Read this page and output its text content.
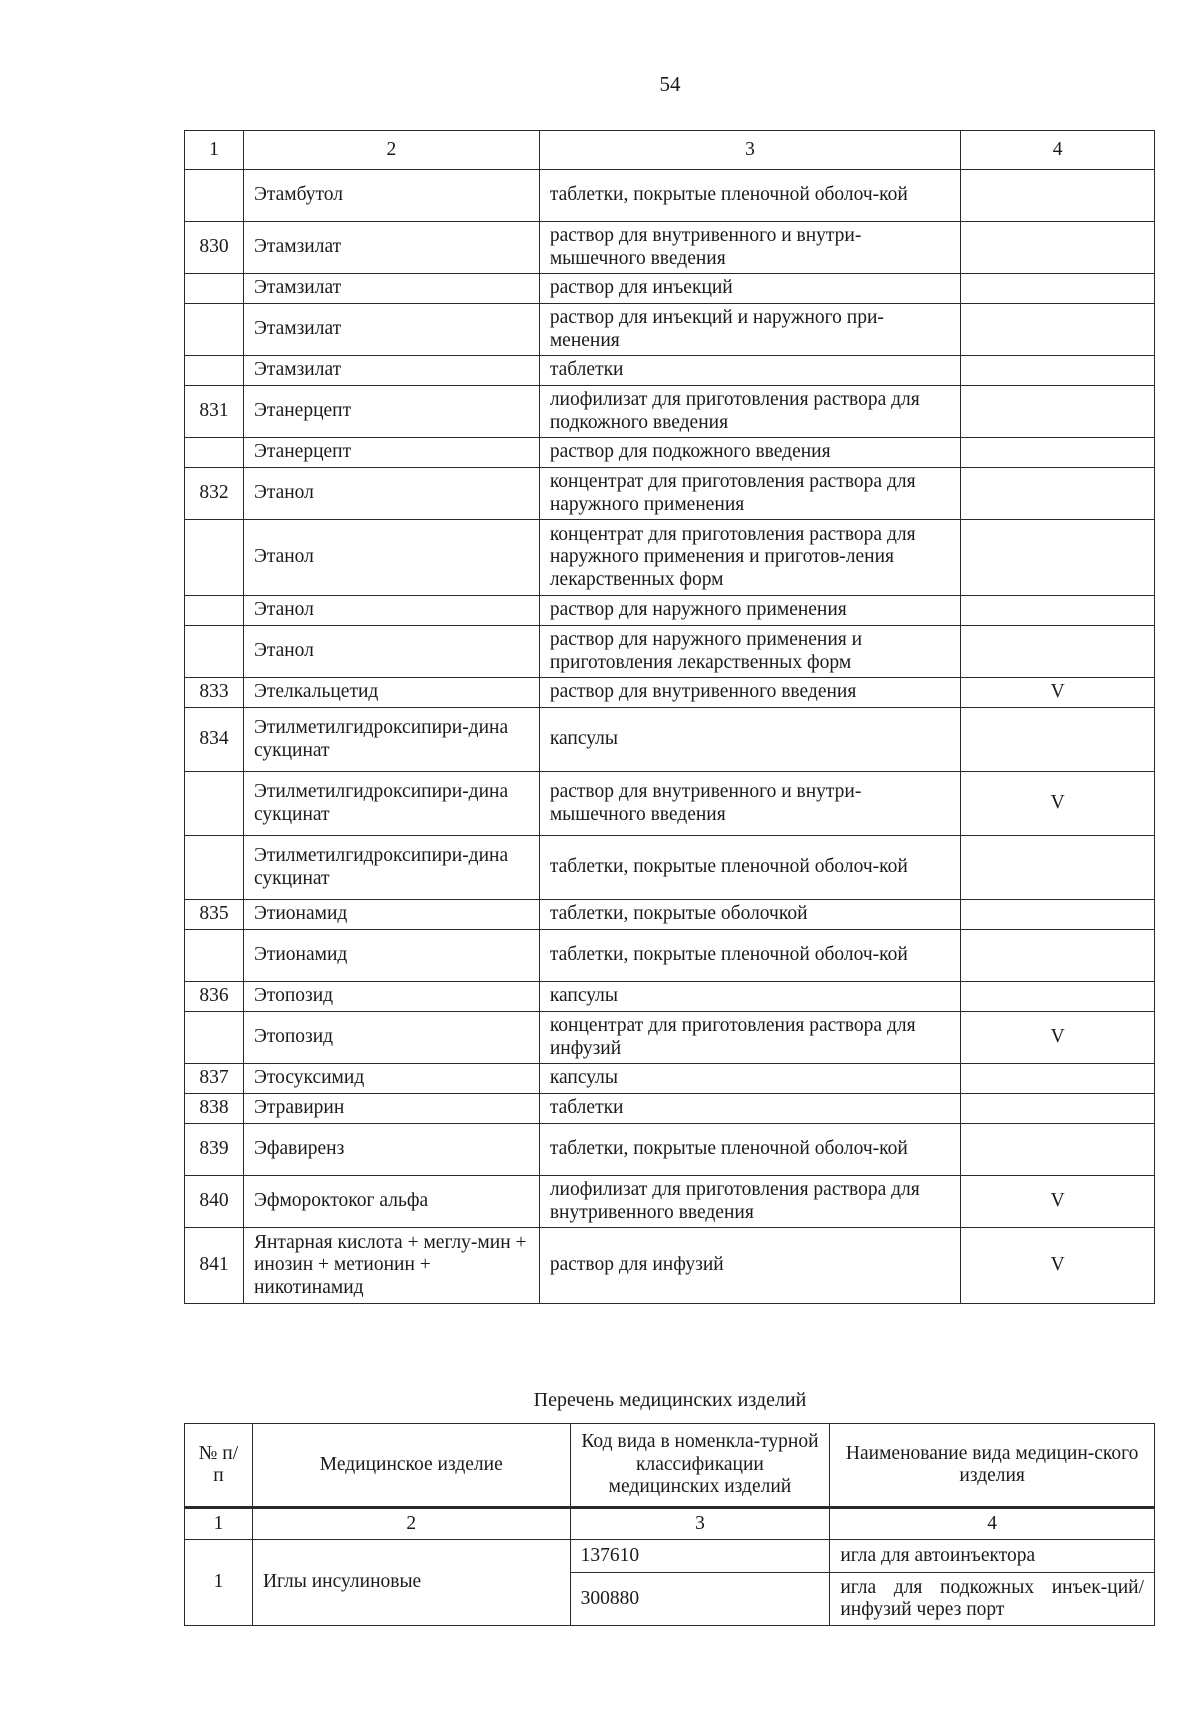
54
1	2	3	4
	Этамбутол	таблетки, покрытые пленочной оболоч-кой	
830	Этамзилат	раствор для внутривенного и внутри-мышечного введения	
	Этамзилат	раствор для инъекций	
	Этамзилат	раствор для инъекций и наружного при-менения	
	Этамзилат	таблетки	
831	Этанерцепт	лиофилизат для приготовления раствора для подкожного введения	
	Этанерцепт	раствор для подкожного введения	
832	Этанол	концентрат для приготовления раствора для наружного применения	
	Этанол	концентрат для приготовления раствора для наружного применения и приготов-ления лекарственных форм	
	Этанол	раствор для наружного применения	
	Этанол	раствор для наружного применения и приготовления лекарственных форм	
833	Этелкальцетид	раствор для внутривенного введения	V
834	Этилметилгидроксипири-дина сукцинат	капсулы	
	Этилметилгидроксипири-дина сукцинат	раствор для внутривенного и внутри-мышечного введения	V
	Этилметилгидроксипири-дина сукцинат	таблетки, покрытые пленочной оболоч-кой	
835	Этионамид	таблетки, покрытые оболочкой	
	Этионамид	таблетки, покрытые пленочной оболоч-кой	
836	Этопозид	капсулы	
	Этопозид	концентрат для приготовления раствора для инфузий	V
837	Этосуксимид	капсулы	
838	Этравирин	таблетки	
839	Эфавиренз	таблетки, покрытые пленочной оболоч-кой	
840	Эфмороктоког альфа	лиофилизат для приготовления раствора для внутривенного введения	V
841	Янтарная кислота + меглу-мин + инозин + метионин + никотинамид	раствор для инфузий	V
Перечень медицинских изделий
№ п/п	Медицинское изделие	Код вида в номенкла-турной классификации медицинских изделий	Наименование вида медицин-ского изделия
1	2	3	4
1	Иглы инсулиновые	137610	игла для автоинъектора
		300880	игла для подкожных инъек-ций/инфузий через порт
